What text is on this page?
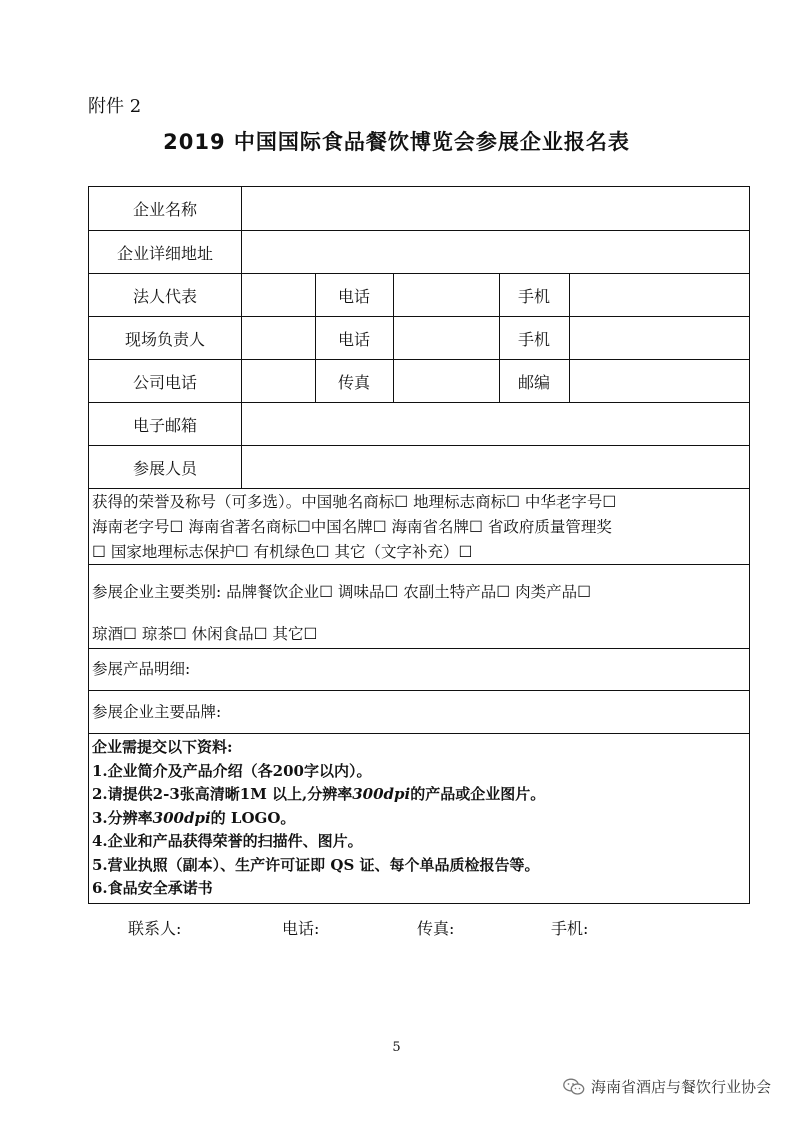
附件 2
2019 中国国际食品餐饮博览会参展企业报名表
企业名称
企业详细地址
法人代表	电话	手机
现场负责人	电话	手机
公司电话	传真	邮编
电子邮箱
参展人员

获得的荣誉及称号（可多选）。中国驰名商标☐ 地理标志商标☐ 中华老字号☐

海南老字号☐ 海南省著名商标☐中国名牌☐ 海南省名牌☐ 省政府质量管理奖

☐ 国家地理标志保护☐ 有机绿色☐ 其它（文字补充）☐

参展企业主要类别: 品牌餐饮企业☐ 调味品☐ 农副土特产品☐ 肉类产品☐

琼酒☐ 琼茶☐ 休闲食品☐ 其它☐

参展产品明细:
参展企业主要品牌:

企业需提交以下资料:

1.企业简介及产品介绍（各200字以内）。

2.请提供2-3张高清晰1M 以上,分辨率300dpi的产品或企业图片。

3.分辨率300dpi的 LOGO。

4.企业和产品获得荣誉的扫描件、图片。

5.营业执照（副本）、生产许可证即 QS 证、每个单品质检报告等。

6.食品安全承诺书

联系人:	电话:	传真:	手机:
5
海南省酒店与餐饮行业协会
